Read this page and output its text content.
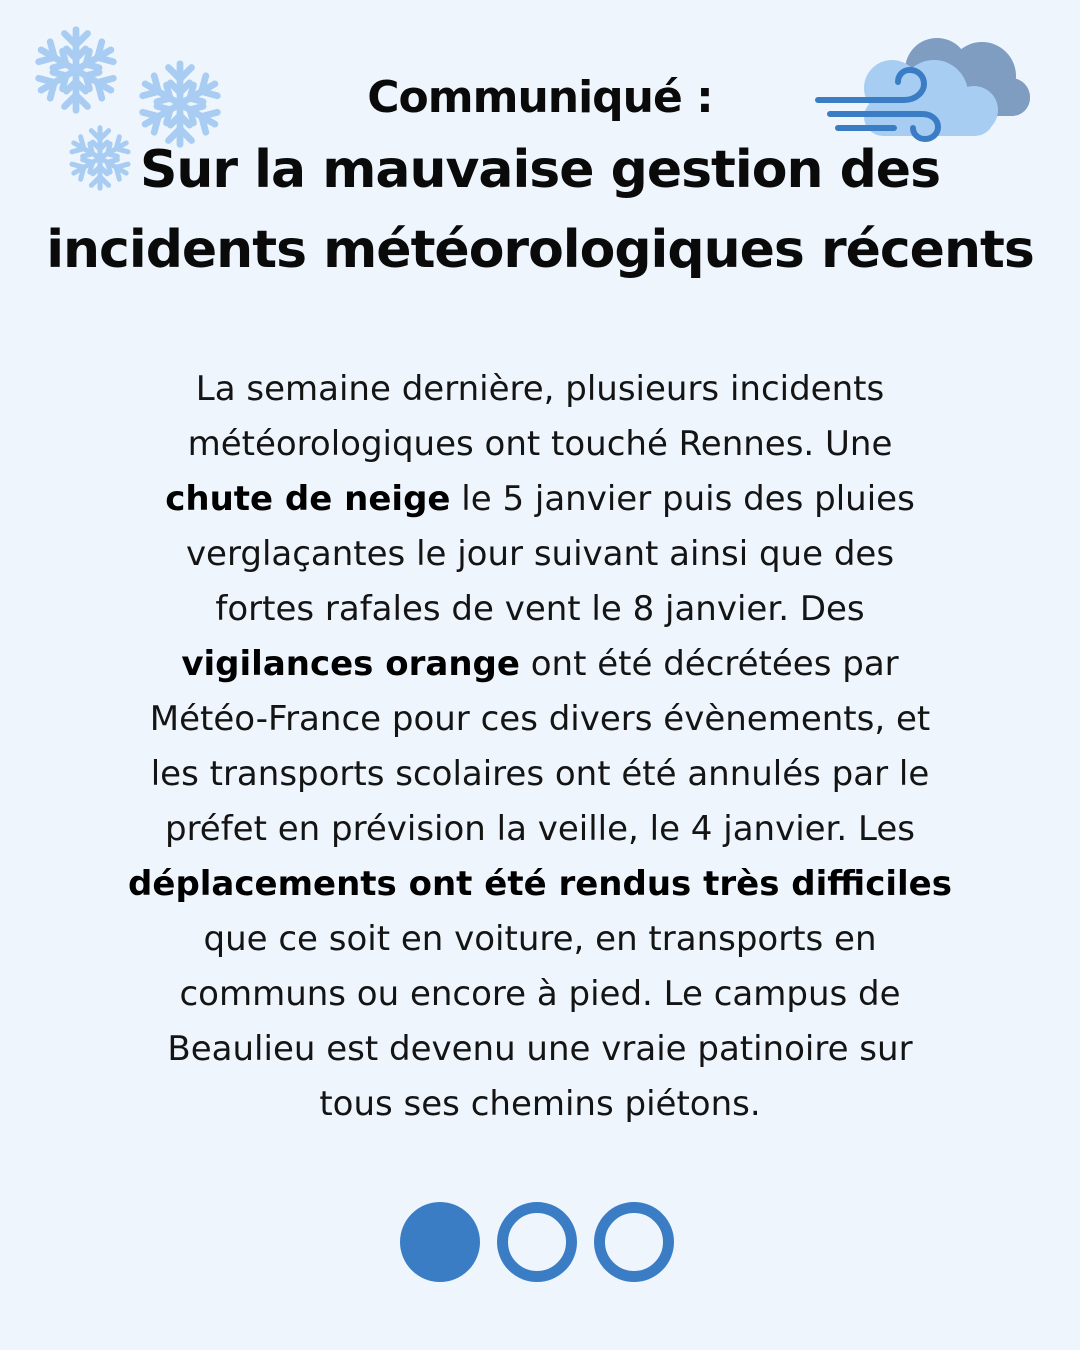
Communiqué :
Sur la mauvaise gestion des
incidents météorologiques récents

La semaine dernière, plusieurs incidents
météorologiques ont touché Rennes. Une
chute de neige le 5 janvier puis des pluies
verglaçantes le jour suivant ainsi que des
fortes rafales de vent le 8 janvier. Des
vigilances orange ont été décrétées par
Météo-France pour ces divers évènements, et
les transports scolaires ont été annulés par le
préfet en prévision la veille, le 4 janvier. Les
déplacements ont été rendus très difficiles
que ce soit en voiture, en transports en
communs ou encore à pied. Le campus de
Beaulieu est devenu une vraie patinoire sur
tous ses chemins piétons.
